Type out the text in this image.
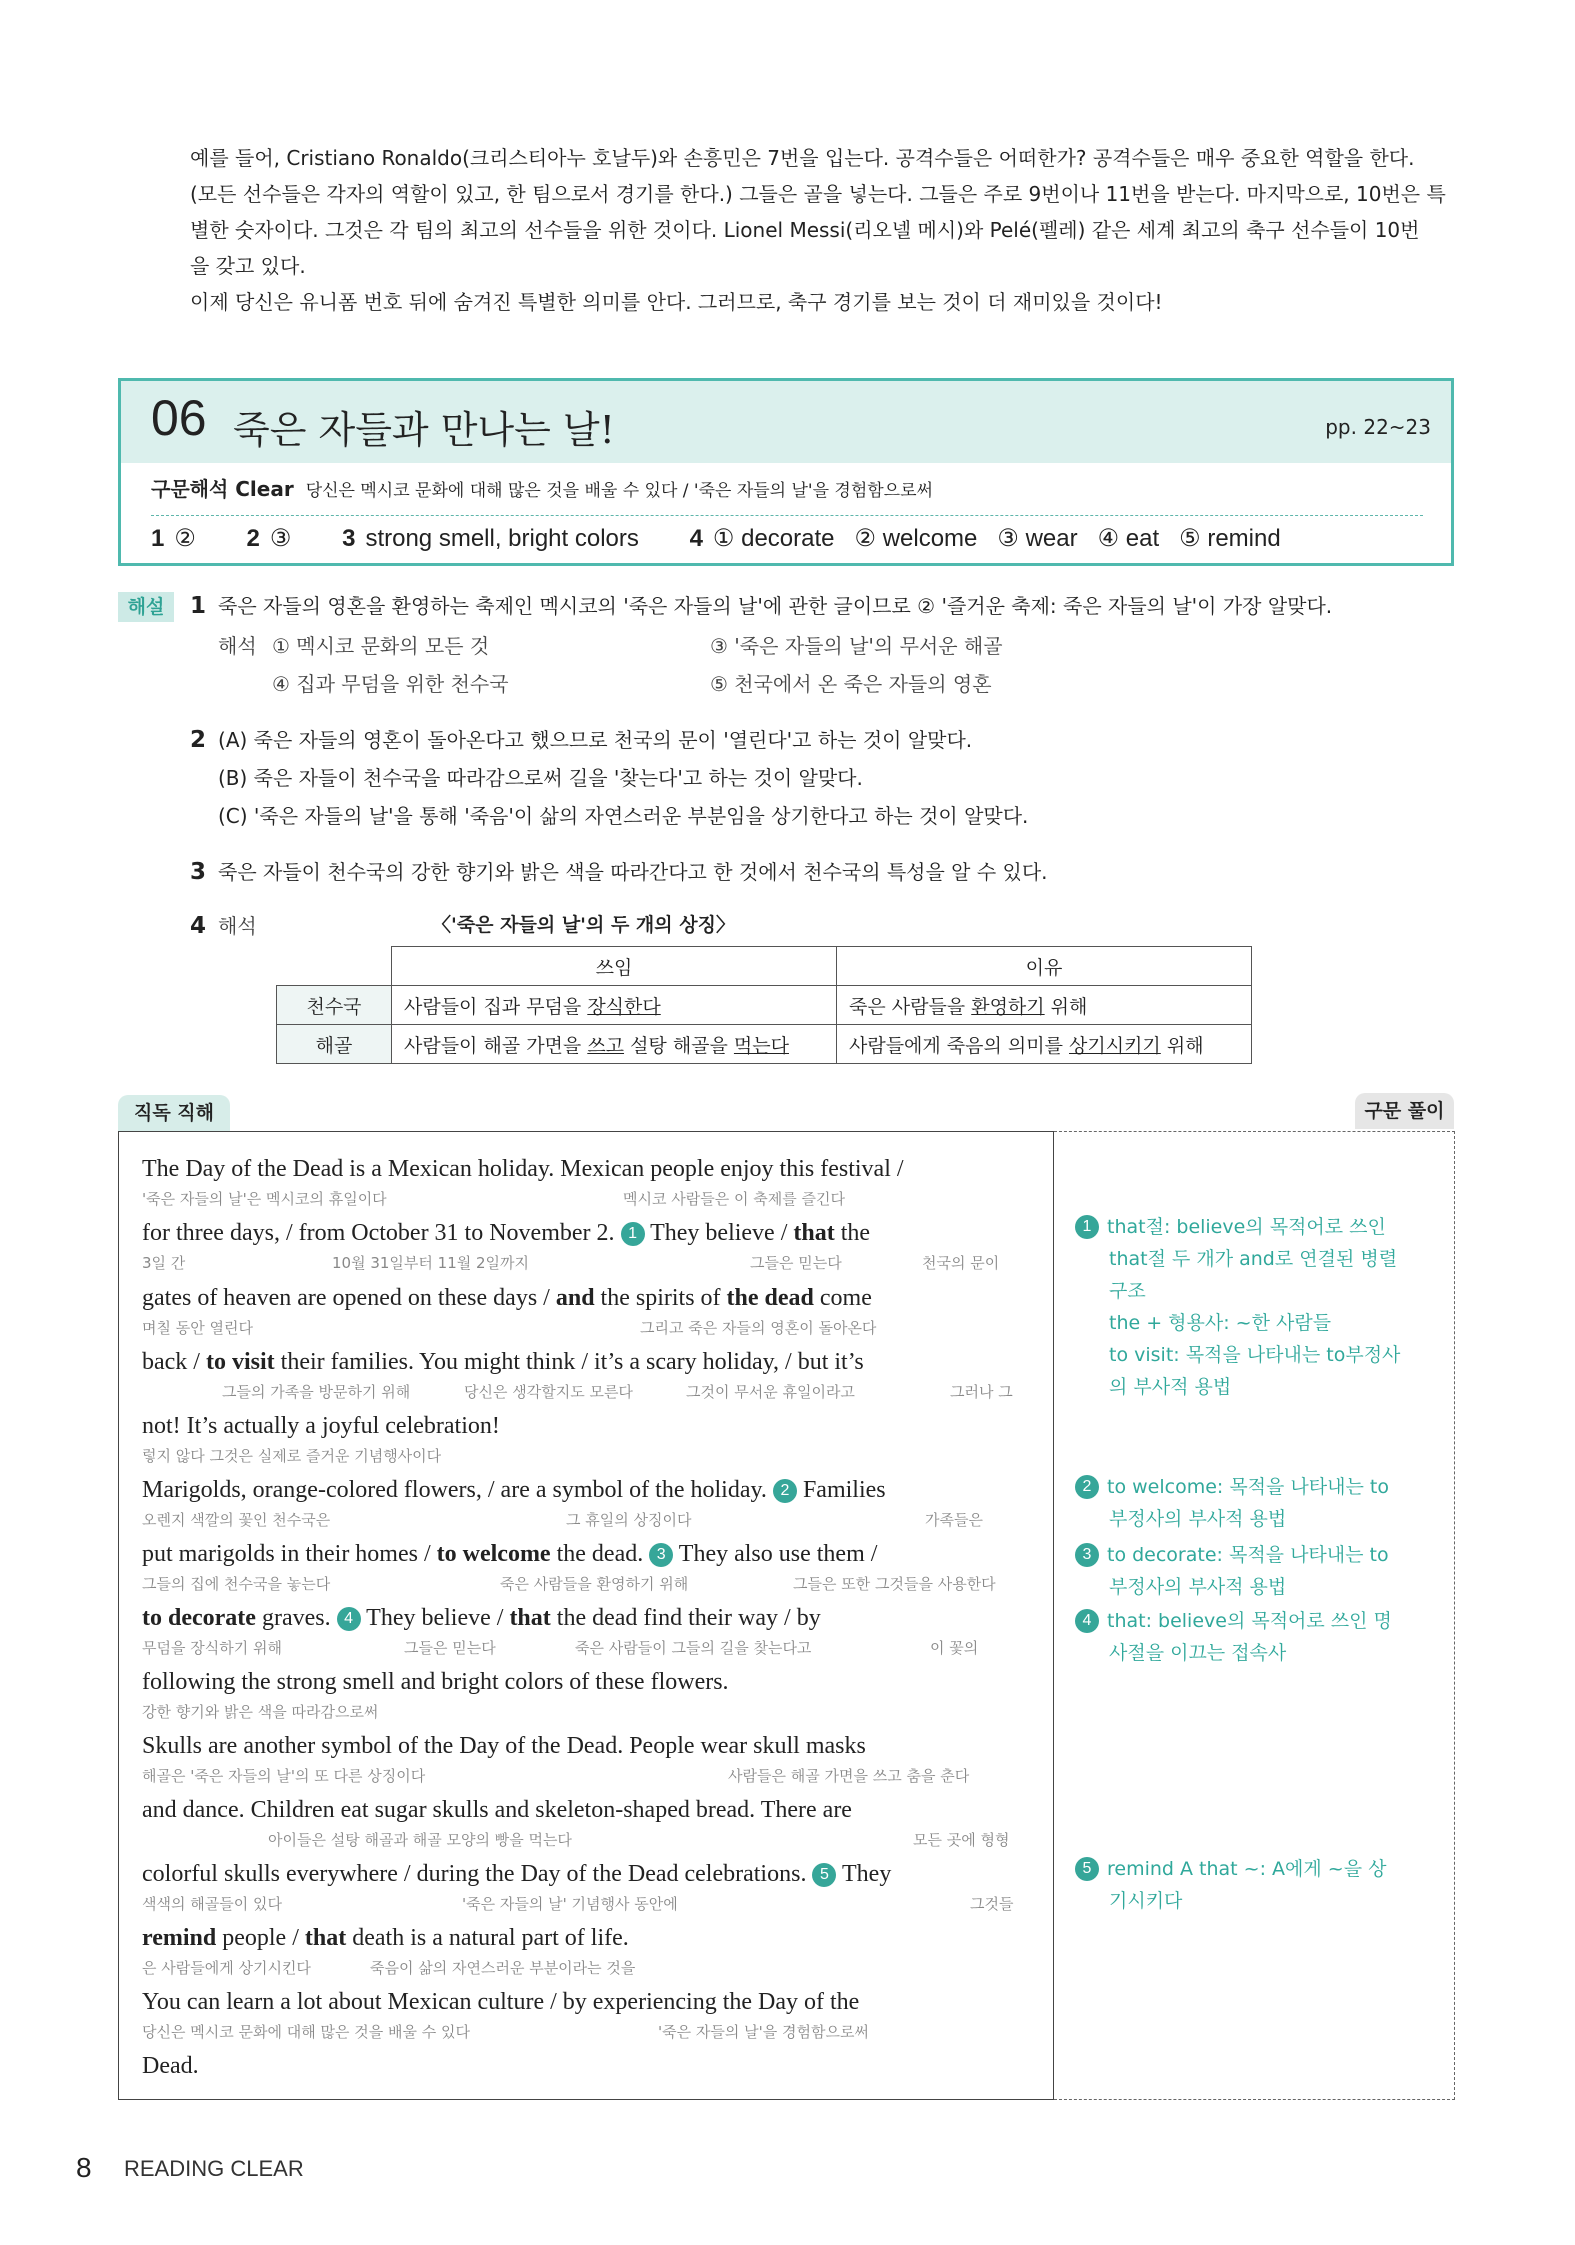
예를 들어, Cristiano Ronaldo(크리스티아누 호날두)와 손흥민은 7번을 입는다. 공격수들은 어떠한가? 공격수들은 매우 중요한 역할을 한다.

(모든 선수들은 각자의 역할이 있고, 한 팀으로서 경기를 한다.) 그들은 골을 넣는다. 그들은 주로 9번이나 11번을 받는다. 마지막으로, 10번은 특

별한 숫자이다. 그것은 각 팀의 최고의 선수들을 위한 것이다. Lionel Messi(리오넬 메시)와 Pelé(펠레) 같은 세계 최고의 축구 선수들이 10번

을 갖고 있다.

이제 당신은 유니폼 번호 뒤에 숨겨진 특별한 의미를 안다. 그러므로, 축구 경기를 보는 것이 더 재미있을 것이다!

06 죽은 자들과 만나는 날!	pp. 22~23
구문해석 Clear 당신은 멕시코 문화에 대해 많은 것을 배울 수 있다 / '죽은 자들의 날'을 경험함으로써
1 ② 2 ③ 3 strong smell, bright colors 4 ① decorate   ② welcome   ③ wear   ④ eat   ⑤ remind
해설	1 죽은 자들의 영혼을 환영하는 축제인 멕시코의 '죽은 자들의 날'에 관한 글이므로 ② '즐거운 축제: 죽은 자들의 날'이 가장 알맞다.
해석 ① 멕시코 문화의 모든 것	③ '죽은 자들의 날'의 무서운 해골
④ 집과 무덤을 위한 천수국	⑤ 천국에서 온 죽은 자들의 영혼
2 (A) 죽은 자들의 영혼이 돌아온다고 했으므로 천국의 문이 '열린다'고 하는 것이 알맞다.
(B) 죽은 자들이 천수국을 따라감으로써 길을 '찾는다'고 하는 것이 알맞다.
(C) '죽은 자들의 날'을 통해 '죽음'이 삶의 자연스러운 부분임을 상기한다고 하는 것이 알맞다.
3 죽은 자들이 천수국의 강한 향기와 밝은 색을 따라간다고 한 것에서 천수국의 특성을 알 수 있다.
4 해석	〈'죽은 자들의 날'의 두 개의 상징〉
	쓰임	이유
천수국	사람들이 집과 무덤을 장식한다	죽은 사람들을 환영하기 위해
해골	사람들이 해골 가면을 쓰고 설탕 해골을 먹는다	사람들에게 죽음의 의미를 상기시키기 위해
직독 직해	구문 풀이
The Day of the Dead is a Mexican holiday. Mexican people enjoy this festival /
'죽은 자들의 날'은 멕시코의 휴일이다	멕시코 사람들은 이 축제를 즐긴다
for three days, / from October 31 to November 2. 1 They believe / that the
3일 간	10월 31일부터 11월 2일까지	그들은 믿는다	천국의 문이
gates of heaven are opened on these days / and the spirits of the dead come
며칠 동안 열린다	그리고 죽은 자들의 영혼이 돌아온다
back / to visit their families. You might think / it’s a scary holiday, / but it’s
그들의 가족을 방문하기 위해	당신은 생각할지도 모른다	그것이 무서운 휴일이라고	그러나 그
not! It’s actually a joyful celebration!
렇지 않다 그것은 실제로 즐거운 기념행사이다
Marigolds, orange-colored flowers, / are a symbol of the holiday. 2 Families
오렌지 색깔의 꽃인 천수국은	그 휴일의 상징이다	가족들은
put marigolds in their homes / to welcome the dead. 3 They also use them /
그들의 집에 천수국을 놓는다	죽은 사람들을 환영하기 위해	그들은 또한 그것들을 사용한다
to decorate graves. 4 They believe / that the dead find their way / by
무덤을 장식하기 위해	그들은 믿는다	죽은 사람들이 그들의 길을 찾는다고	이 꽃의
following the strong smell and bright colors of these flowers.
강한 향기와 밝은 색을 따라감으로써
Skulls are another symbol of the Day of the Dead. People wear skull masks
해골은 '죽은 자들의 날'의 또 다른 상징이다	사람들은 해골 가면을 쓰고 춤을 춘다
and dance. Children eat sugar skulls and skeleton-shaped bread. There are
아이들은 설탕 해골과 해골 모양의 빵을 먹는다	모든 곳에 형형
colorful skulls everywhere / during the Day of the Dead celebrations. 5 They
색색의 해골들이 있다	'죽은 자들의 날' 기념행사 동안에	그것들
remind people / that death is a natural part of life.
은 사람들에게 상기시킨다	죽음이 삶의 자연스러운 부분이라는 것을
You can learn a lot about Mexican culture / by experiencing the Day of the
당신은 멕시코 문화에 대해 많은 것을 배울 수 있다	'죽은 자들의 날'을 경험함으로써
Dead.
1 that절: believe의 목적어로 쓰인
that절 두 개가 and로 연결된 병렬
구조
the + 형용사: ~한 사람들
to visit: 목적을 나타내는 to부정사
의 부사적 용법
2 to welcome: 목적을 나타내는 to
부정사의 부사적 용법
3 to decorate: 목적을 나타내는 to
부정사의 부사적 용법
4 that: believe의 목적어로 쓰인 명
사절을 이끄는 접속사
5 remind A that ~: A에게 ~을 상
기시키다
8 READING CLEAR
